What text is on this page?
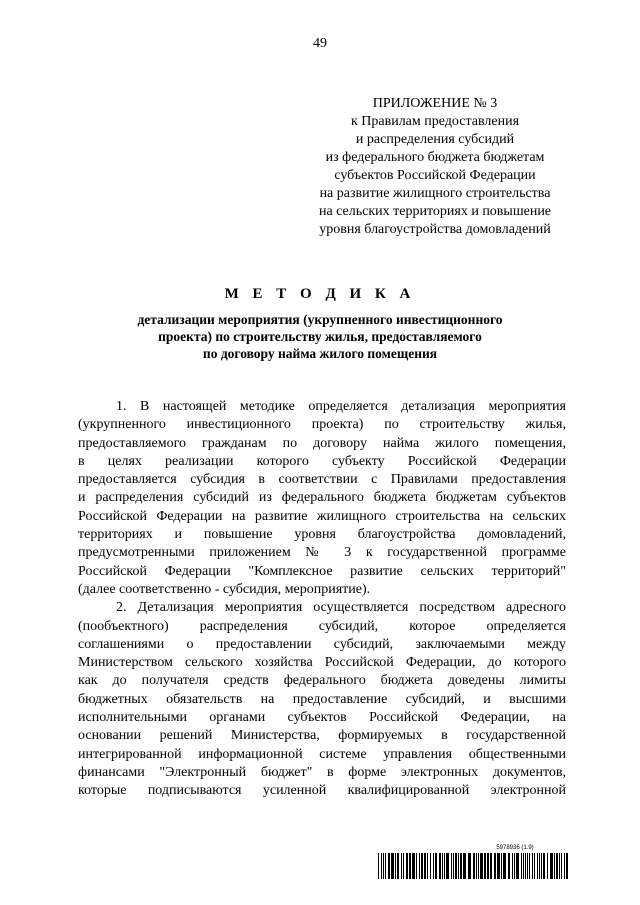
49
ПРИЛОЖЕНИЕ № 3
к Правилам предоставления
и распределения субсидий
из федерального бюджета бюджетам
субъектов Российской Федерации
на развитие жилищного строительства
на сельских территориях и повышение
уровня благоустройства домовладений
М Е Т О Д И К А
детализации мероприятия (укрупненного инвестиционного
проекта) по строительству жилья, предоставляемого
по договору найма жилого помещения
1. В настоящей методике определяется детализация мероприятия
(укрупненного инвестиционного проекта) по строительству жилья,
предоставляемого гражданам по договору найма жилого помещения,
в целях реализации которого субъекту Российской Федерации
предоставляется субсидия в соответствии с Правилами предоставления
и распределения субсидий из федерального бюджета бюджетам субъектов
Российской Федерации на развитие жилищного строительства на сельских
территориях и повышение уровня благоустройства домовладений,
предусмотренными приложением № 3 к государственной программе
Российской Федерации "Комплексное развитие сельских территорий"
(далее соответственно - субсидия, мероприятие).
2. Детализация мероприятия осуществляется посредством адресного
(пообъектного) распределения субсидий, которое определяется
соглашениями о предоставлении субсидий, заключаемыми между
Министерством сельского хозяйства Российской Федерации, до которого
как до получателя средств федерального бюджета доведены лимиты
бюджетных обязательств на предоставление субсидий, и высшими
исполнительными органами субъектов Российской Федерации, на
основании решений Министерства, формируемых в государственной
интегрированной информационной системе управления общественными
финансами "Электронный бюджет" в форме электронных документов,
которые подписываются усиленной квалифицированной электронной
5978936 (1.9)
